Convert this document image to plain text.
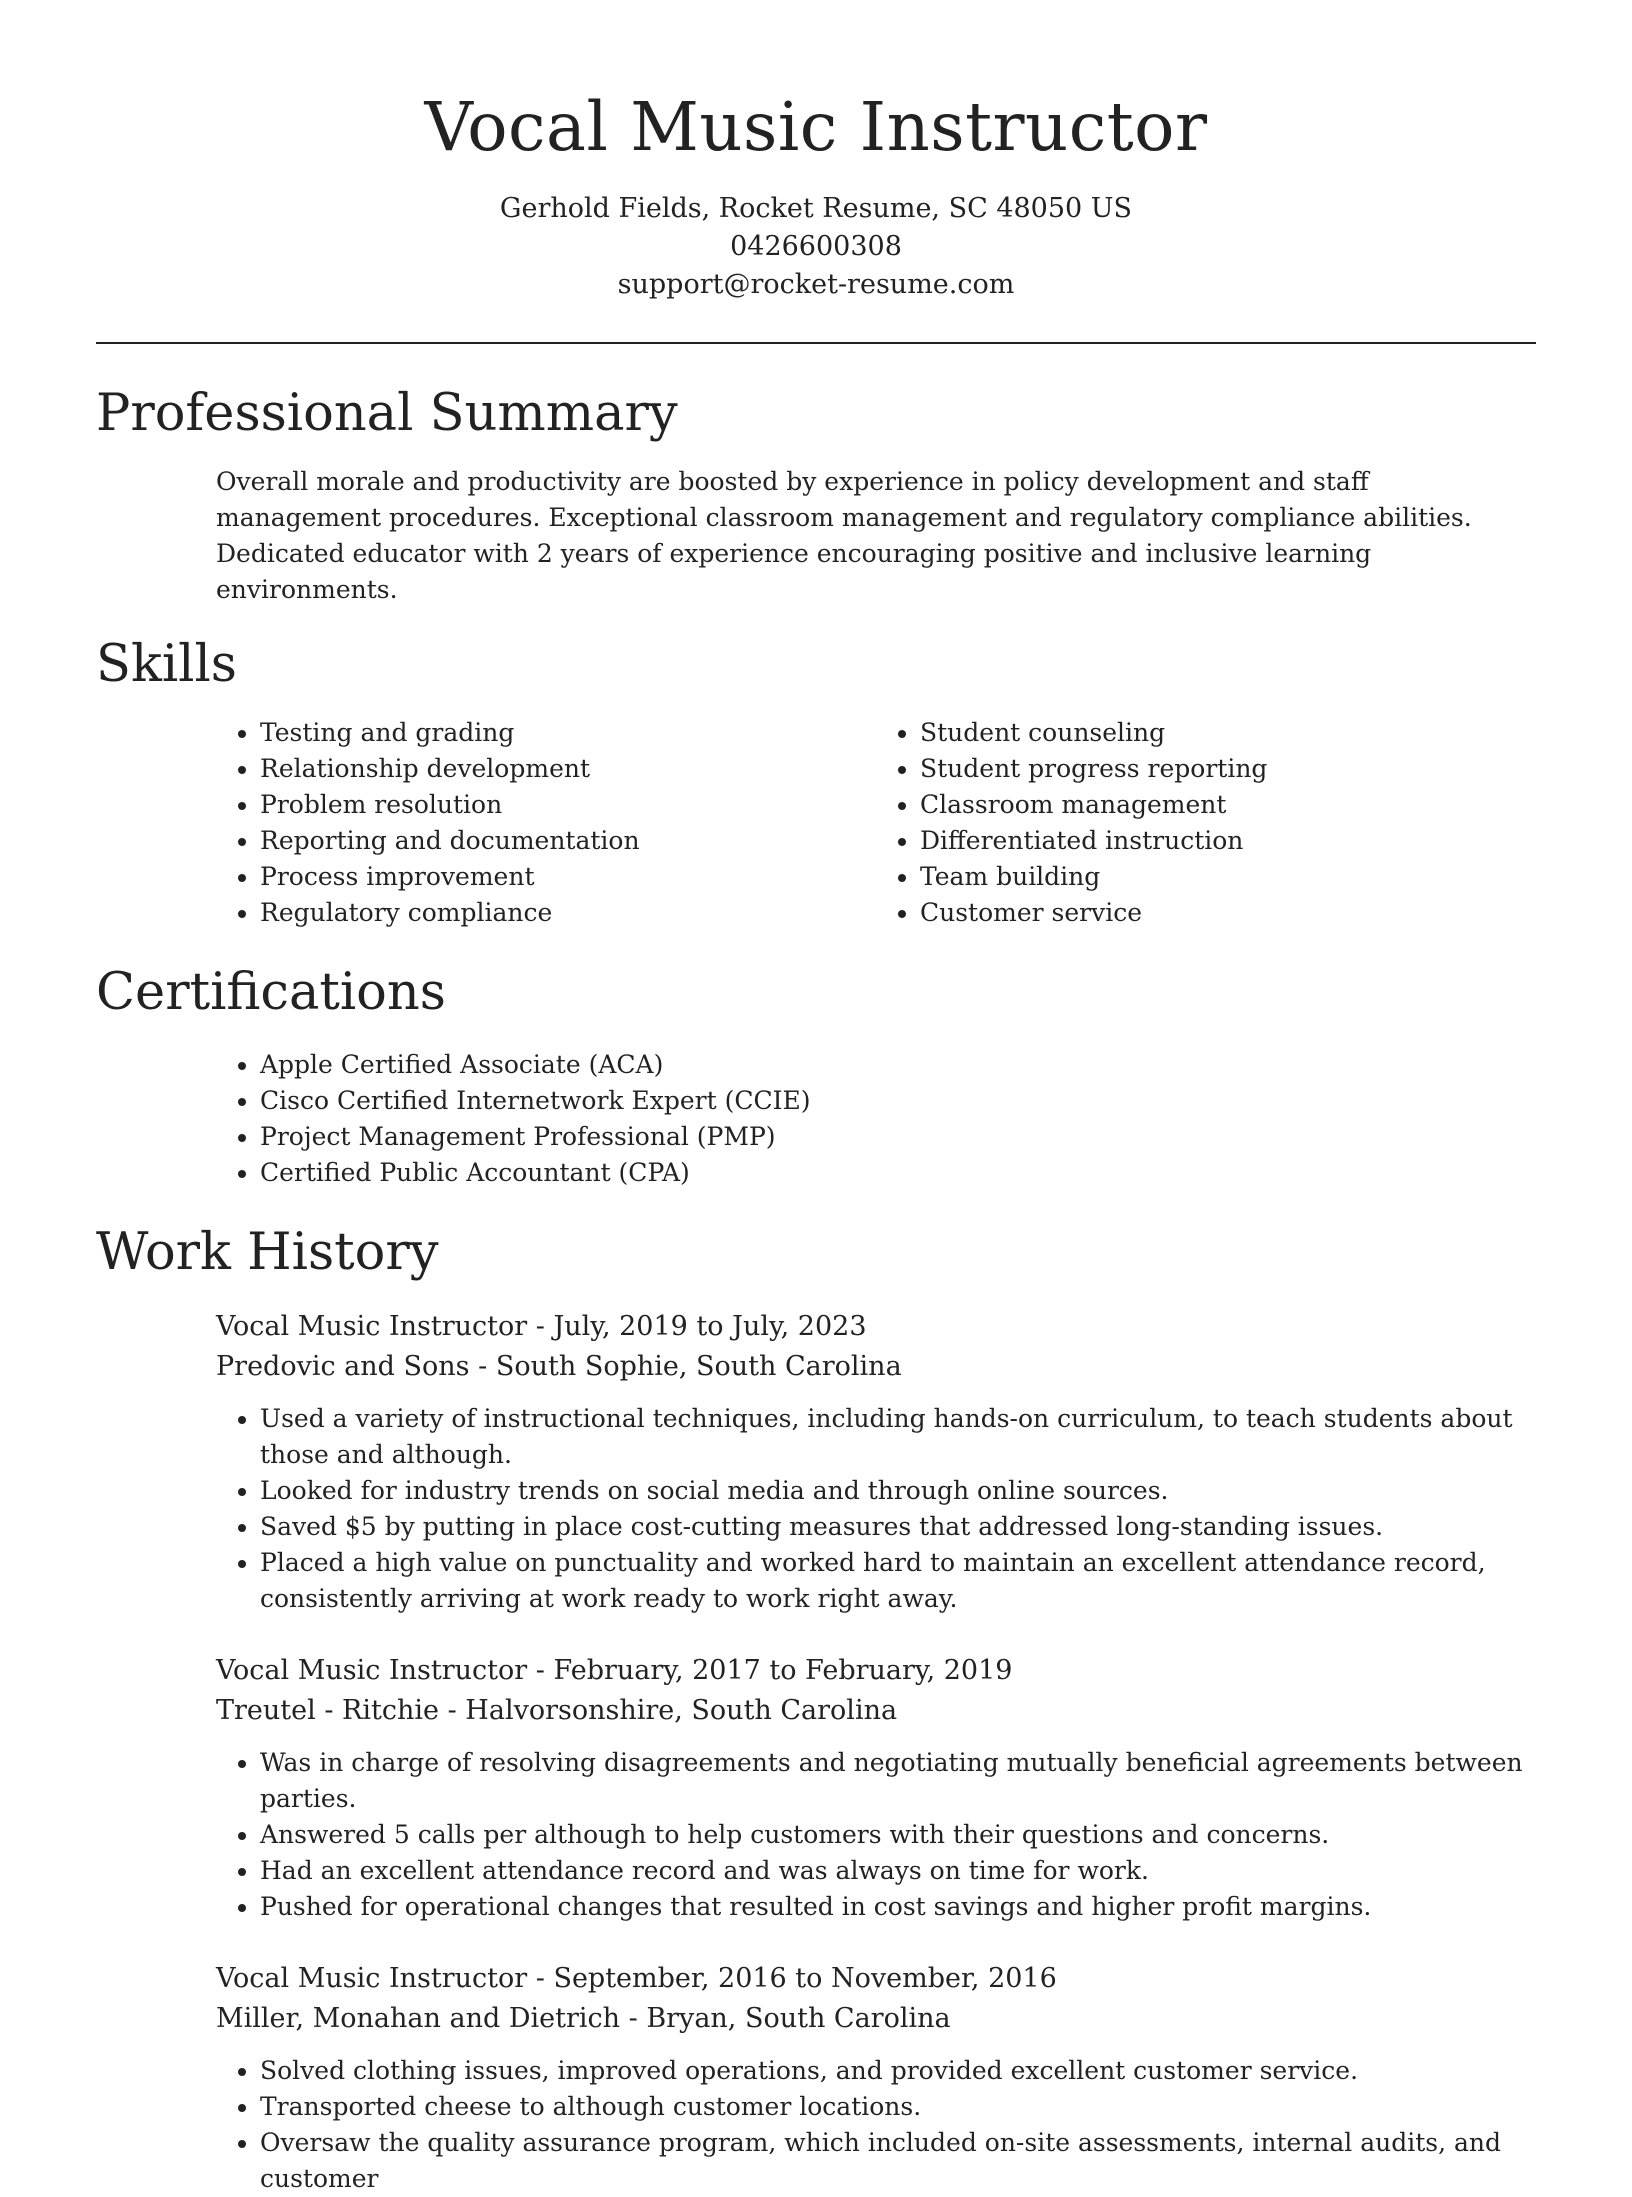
Vocal Music Instructor
Gerhold Fields, Rocket Resume, SC 48050 US
0426600308
support@rocket-resume.com
Professional Summary
Overall morale and productivity are boosted by experience in policy development and staff management procedures. Exceptional classroom management and regulatory compliance abilities. Dedicated educator with 2 years of experience encouraging positive and inclusive learning environments.
Skills
• Testing and grading
• Relationship development
• Problem resolution
• Reporting and documentation
• Process improvement
• Regulatory compliance
• Student counseling
• Student progress reporting
• Classroom management
• Differentiated instruction
• Team building
• Customer service
Certifications
• Apple Certified Associate (ACA)
• Cisco Certified Internetwork Expert (CCIE)
• Project Management Professional (PMP)
• Certified Public Accountant (CPA)
Work History
Vocal Music Instructor - July, 2019 to July, 2023
Predovic and Sons - South Sophie, South Carolina
• Used a variety of instructional techniques, including hands-on curriculum, to teach students about those and although.
• Looked for industry trends on social media and through online sources.
• Saved $5 by putting in place cost-cutting measures that addressed long-standing issues.
• Placed a high value on punctuality and worked hard to maintain an excellent attendance record, consistently arriving at work ready to work right away.
Vocal Music Instructor - February, 2017 to February, 2019
Treutel - Ritchie - Halvorsonshire, South Carolina
• Was in charge of resolving disagreements and negotiating mutually beneficial agreements between parties.
• Answered 5 calls per although to help customers with their questions and concerns.
• Had an excellent attendance record and was always on time for work.
• Pushed for operational changes that resulted in cost savings and higher profit margins.
Vocal Music Instructor - September, 2016 to November, 2016
Miller, Monahan and Dietrich - Bryan, South Carolina
• Solved clothing issues, improved operations, and provided excellent customer service.
• Transported cheese to although customer locations.
• Oversaw the quality assurance program, which included on-site assessments, internal audits, and customer
